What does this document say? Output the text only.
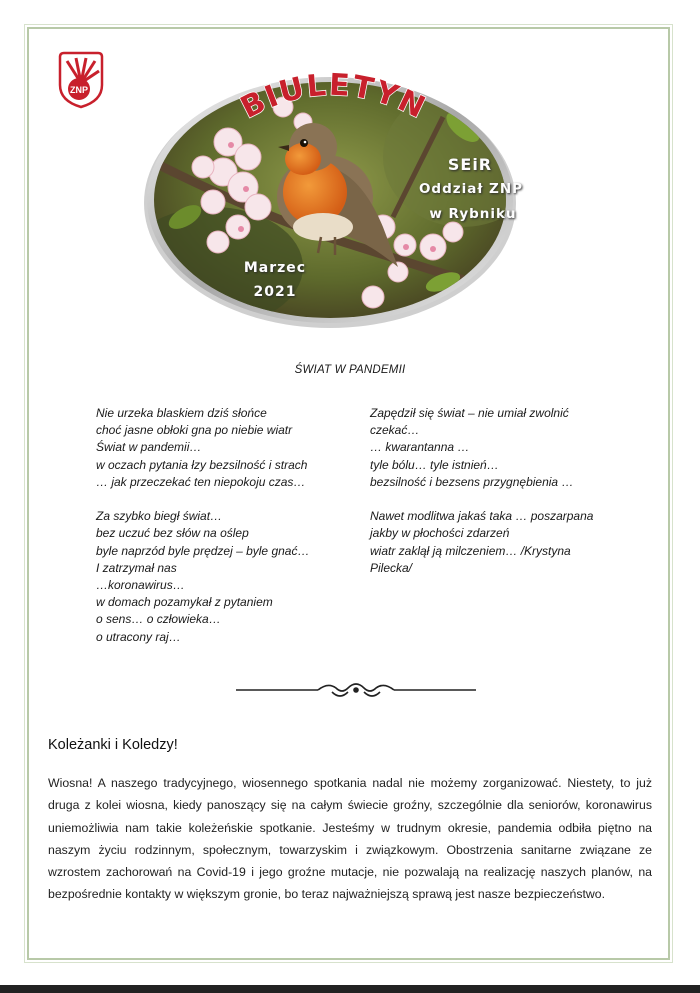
ZNP	BIULETYN
SEiR
Oddział ZNP
w Rybniku
Marzec
2021
ŚWIAT W PANDEMII
Nie urzeka blaskiem dziś słońce
choć jasne obłoki gna po niebie wiatr
Świat w pandemii…
w oczach pytania łzy bezsilność i strach
… jak przeczekać ten niepokoju czas…
Za szybko biegł świat…
bez uczuć bez słów na oślep
byle naprzód byle prędzej – byle gnać…
I zatrzymał nas
…koronawirus…
w domach pozamykał z pytaniem
o sens… o człowieka…
o utracony raj…
Zapędził się świat – nie umiał zwolnić
czekać…
… kwarantanna …
tyle bólu… tyle istnień…
bezsilność i bezsens przygnębienia …
Nawet modlitwa jakaś taka … poszarpana
jakby w płochości zdarzeń
wiatr zaklął ją milczeniem… /Krystyna
Pilecka/
Koleżanki i Koledzy!

Wiosna! A naszego tradycyjnego, wiosennego spotkania nadal nie możemy zorganizować. Niestety, to już druga z kolei wiosna, kiedy panoszący się na całym świecie groźny, szczególnie dla seniorów, koronawirus uniemożliwia nam takie koleżeńskie spotkanie. Jesteśmy w trudnym okresie, pandemia odbiła piętno na naszym życiu rodzinnym, społecznym, towarzyskim i związkowym. Obostrzenia sanitarne związane ze wzrostem zachorowań na Covid-19 i jego groźne mutacje, nie pozwalają na realizację naszych planów, na bezpośrednie kontakty w większym gronie, bo teraz najważniejszą sprawą jest nasze bezpieczeństwo.
